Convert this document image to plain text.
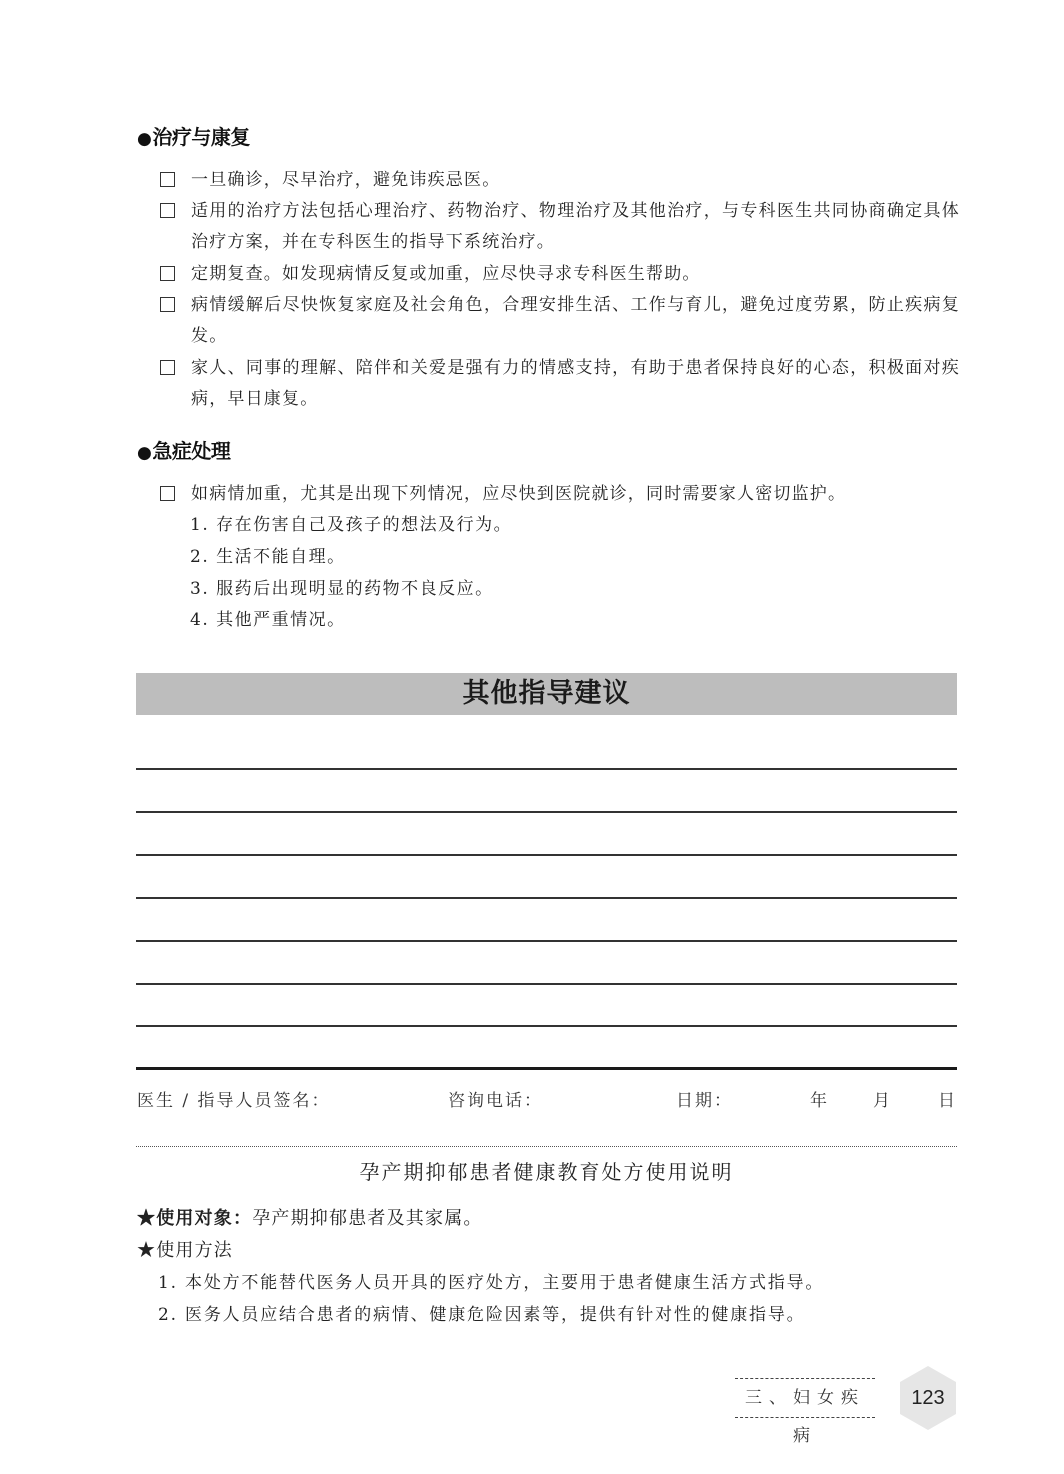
●治疗与康复
一旦确诊，尽早治疗，避免讳疾忌医。
适用的治疗方法包括心理治疗、药物治疗、物理治疗及其他治疗，与专科医生共同协商确定具体治疗方案，并在专科医生的指导下系统治疗。
定期复查。如发现病情反复或加重，应尽快寻求专科医生帮助。
病情缓解后尽快恢复家庭及社会角色，合理安排生活、工作与育儿，避免过度劳累，防止疾病复发。
家人、同事的理解、陪伴和关爱是强有力的情感支持，有助于患者保持良好的心态，积极面对疾病，早日康复。
●急症处理
如病情加重，尤其是出现下列情况，应尽快到医院就诊，同时需要家人密切监护。
1. 存在伤害自己及孩子的想法及行为。
2. 生活不能自理。
3. 服药后出现明显的药物不良反应。
4. 其他严重情况。
其他指导建议
医生 / 指导人员签名：	咨询电话：	日期：	年	月	日
孕产期抑郁患者健康教育处方使用说明
★使用对象：孕产期抑郁患者及其家属。
★使用方法
1. 本处方不能替代医务人员开具的医疗处方，主要用于患者健康生活方式指导。
2. 医务人员应结合患者的病情、健康危险因素等，提供有针对性的健康指导。
三、妇女疾病
123
